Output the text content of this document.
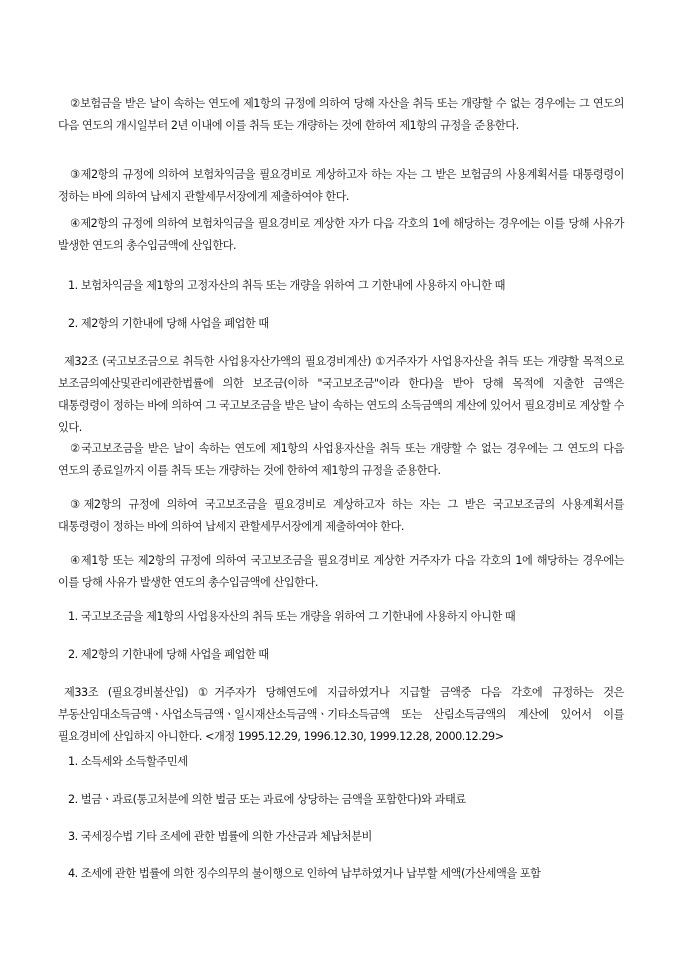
②보험금을 받은 날이 속하는 연도에 제1항의 규정에 의하여 당해 자산을 취득 또는 개량할 수 없는 경우에는 그 연도의 다음 연도의 개시일부터 2년 이내에 이를 취득 또는 개량하는 것에 한하여 제1항의 규정을 준용한다.

③제2항의 규정에 의하여 보험차익금을 필요경비로 계상하고자 하는 자는 그 받은 보험금의 사용계획서를 대통령령이 정하는 바에 의하여 납세지 관할세무서장에게 제출하여야 한다.

④제2항의 규정에 의하여 보험차익금을 필요경비로 계상한 자가 다음 각호의 1에 해당하는 경우에는 이를 당해 사유가 발생한 연도의 총수입금액에 산입한다.

1. 보험차익금을 제1항의 고정자산의 취득 또는 개량을 위하여 그 기한내에 사용하지 아니한 때

2. 제2항의 기한내에 당해 사업을 폐업한 때

제32조 (국고보조금으로 취득한 사업용자산가액의 필요경비계산) ①거주자가 사업용자산을 취득 또는 개량할 목적으로 보조금의예산및관리에관한법률에 의한 보조금(이하 "국고보조금"이라 한다)을 받아 당해 목적에 지출한 금액은 대통령령이 정하는 바에 의하여 그 국고보조금을 받은 날이 속하는 연도의 소득금액의 계산에 있어서 필요경비로 계상할 수 있다.

②국고보조금을 받은 날이 속하는 연도에 제1항의 사업용자산을 취득 또는 개량할 수 없는 경우에는 그 연도의 다음 연도의 종료일까지 이를 취득 또는 개량하는 것에 한하여 제1항의 규정을 준용한다.

③제2항의 규정에 의하여 국고보조금을 필요경비로 계상하고자 하는 자는 그 받은 국고보조금의 사용계획서를 대통령령이 정하는 바에 의하여 납세지 관할세무서장에게 제출하여야 한다.

④제1항 또는 제2항의 규정에 의하여 국고보조금을 필요경비로 계상한 거주자가 다음 각호의 1에 해당하는 경우에는 이를 당해 사유가 발생한 연도의 총수입금액에 산입한다.

1. 국고보조금을 제1항의 사업용자산의 취득 또는 개량을 위하여 그 기한내에 사용하지 아니한 때

2. 제2항의 기한내에 당해 사업을 폐업한 때

제33조 (필요경비불산입) ①거주자가 당해연도에 지급하였거나 지급할 금액중 다음 각호에 규정하는 것은 부동산임대소득금액ㆍ사업소득금액ㆍ일시재산소득금액ㆍ기타소득금액 또는 산림소득금액의 계산에 있어서 이를 필요경비에 산입하지 아니한다. <개정 1995.12.29, 1996.12.30, 1999.12.28, 2000.12.29>

1. 소득세와 소득할주민세

2. 벌금ㆍ과료(통고처분에 의한 벌금 또는 과료에 상당하는 금액을 포함한다)와 과태료

3. 국세징수법 기타 조세에 관한 법률에 의한 가산금과 체납처분비

4. 조세에 관한 법률에 의한 징수의무의 불이행으로 인하여 납부하였거나 납부할 세액(가산세액을 포함
